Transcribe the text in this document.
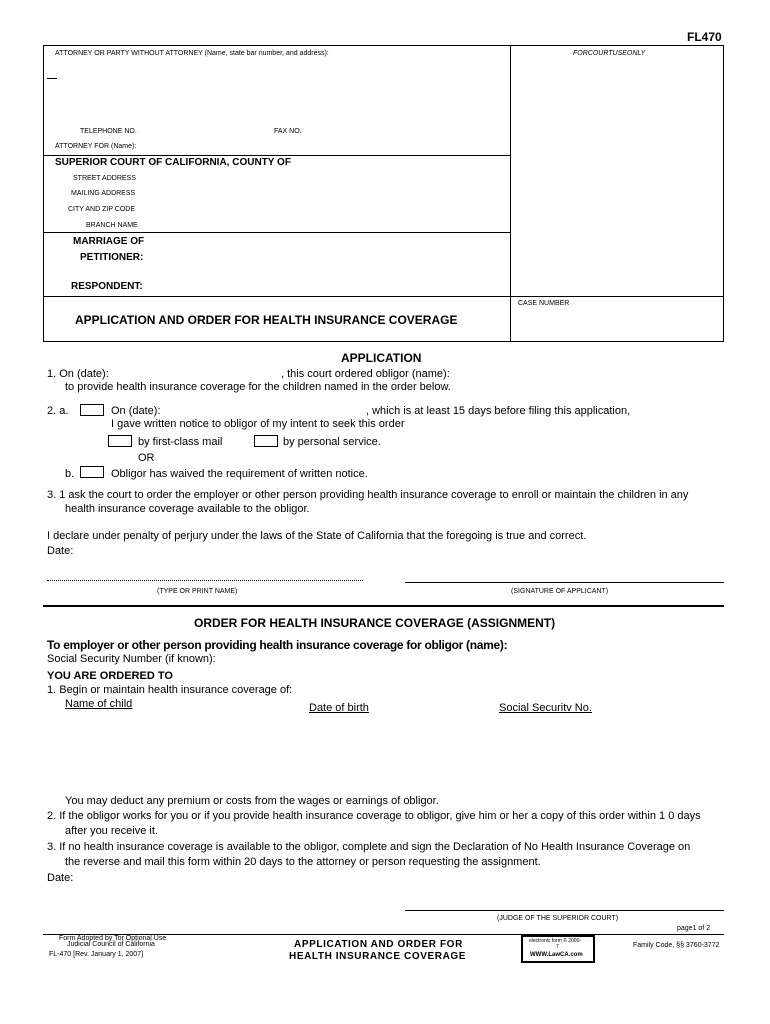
FL470
ATTORNEY OR PARTY WITHOUT ATTORNEY (Name, state bar number, and address):	FORCOURTUSEONLY
TELEPHONE NO.	FAX NO.
ATTORNEY FOR (Name):
SUPERIOR COURT OF CALIFORNIA, COUNTY OF
STREET ADDRESS
MAILING ADDRESS
CITY AND ZIP CODE
BRANCH NAME
MARRIAGE OF
PETITIONER:
RESPONDENT:
CASE NUMBER
APPLICATION AND ORDER FOR HEALTH INSURANCE COVERAGE
APPLICATION
1. On (date):	, this court ordered obligor (name):
to provide health insurance coverage for the children named in the order below.
2. a.	On (date):	, which is at least 15 days before filing this application,
I gave written notice to obligor of my intent to seek this order
by first-class mail	by personal service.
OR
b.	Obligor has waived the requirement of written notice.
3. 1 ask the court to order the employer or other person providing health insurance coverage to enroll or maintain the children in any
health insurance coverage available to the obligor.
I declare under penalty of perjury under the laws of the State of California that the foregoing is true and correct.
Date:
(TYPE OR PRINT NAME)	(SIGNATURE OF APPLICANT)
ORDER FOR HEALTH INSURANCE COVERAGE (ASSIGNMENT)
To employer or other person providing health insurance coverage for obligor (name):
Social Security Number (if known):
YOU ARE ORDERED TO
1. Begin or maintain health insurance coverage of:
Name of child	Date of birth	Social Securitv No.
You may deduct any premium or costs from the wages or earnings of obligor.
2. If the obligor works for you or if you provide health insurance coverage to obligor, give him or her a copy of this order within 1 0 days
after you receive it.
3. If no health insurance coverage is available to the obligor, complete and sign the Declaration of No Health Insurance Coverage on
the reverse and mail this form within 20 days to the attorney or person requesting the assignment.
Date:
(JUDGE OF THE SUPERIOR COURT)
page1 of 2
Form Adopted by Tor Optional Use
Judicial Council of California
FL-470 [Rev. January 1, 2007]
APPLICATION AND ORDER FOR
HEALTH INSURANCE COVERAGE
electronic form © 2000-
7
WWW.LawCA.com
Family Code, §§ 3760-3772
